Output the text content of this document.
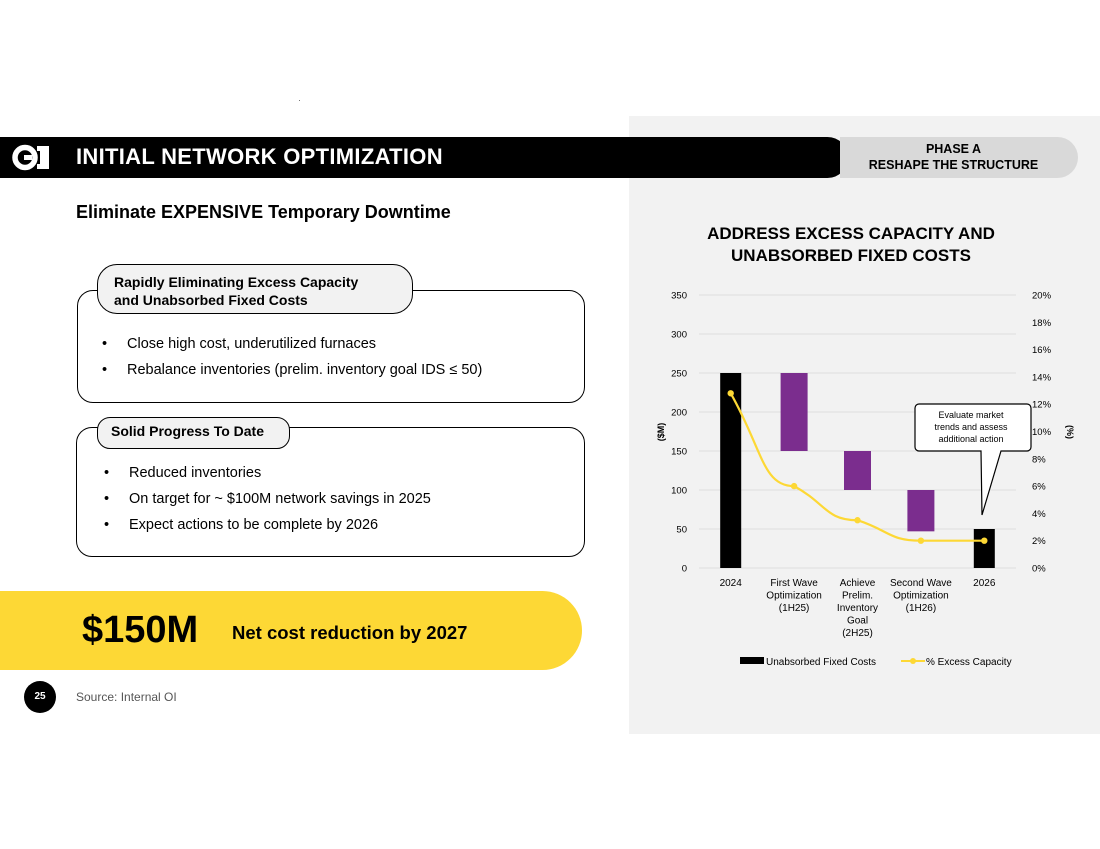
INITIAL NETWORK OPTIMIZATION	PHASE A
RESHAPE THE STRUCTURE
Eliminate EXPENSIVE Temporary Downtime
Rapidly Eliminating Excess Capacity
and Unabsorbed Fixed Costs
• Close high cost, underutilized furnaces
• Rebalance inventories (prelim. inventory goal IDS ≤ 50)
Solid Progress To Date
• Reduced inventories
• On target for ~ $100M network savings in 2025
• Expect actions to be complete by 2026
$150M Net cost reduction by 2027
25	Source: Internal OI
ADDRESS EXCESS CAPACITY AND
UNABSORBED FIXED COSTS
0
50
100
150
200
250
300
350
0%
2%
4%
6%
8%
10%
12%
14%
16%
18%
20%
($M)	(%)
2024	First Wave
Optimization
(1H25)
Achieve
Prelim.
Inventory
Goal
(2H25)
Second Wave
Optimization
(1H26)
2026
Evaluate market
trends and assess
additional action
Unabsorbed Fixed Costs	% Excess Capacity
